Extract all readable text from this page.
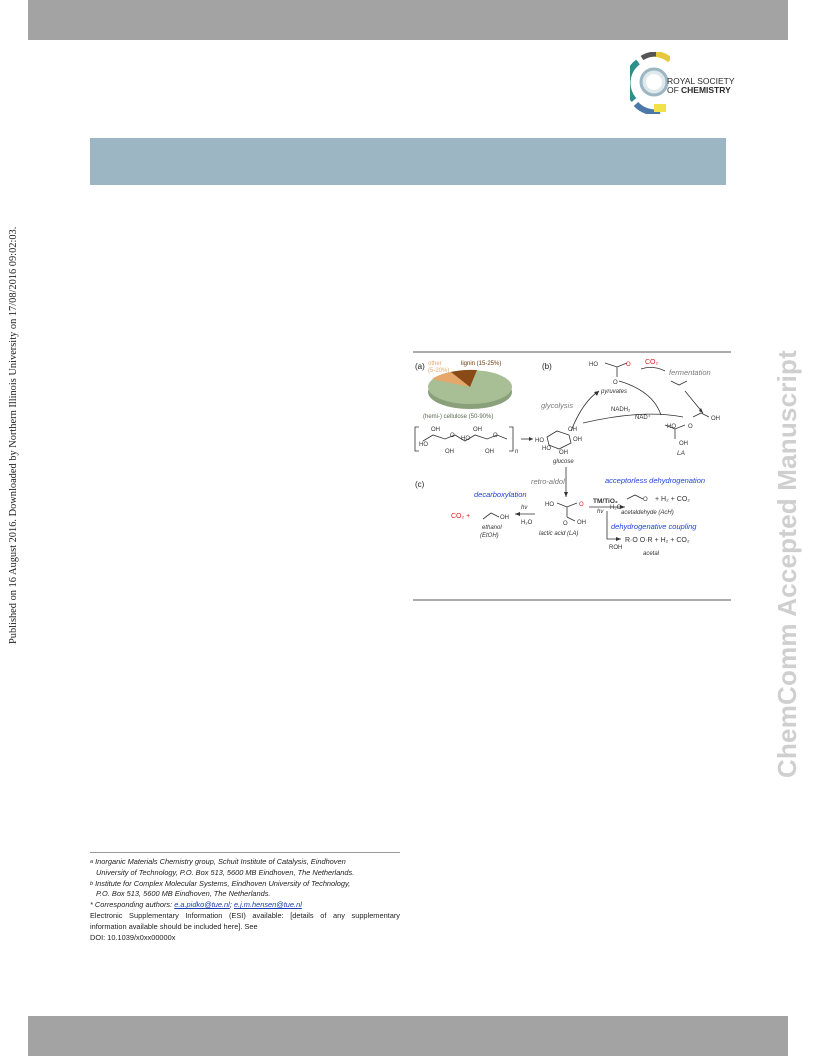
ROYAL SOCIETY
OF CHEMISTRY
Published on 16 August 2016. Downloaded by Northern Illinois University on 17/08/2016 09:02:03.	ChemComm Accepted Manuscript
(a) other
(5-20%)
lignin (15-25%)
(hemi-) cellulose (50-90%)
n
OH	OH
HO
HO
OH	OH
O	O
OH
HO
HO
OH
OH
glucose
(b)	HO	O
O
pyruvates
CO₂
fermentation
OH
glycolysis	NADH₂
NAD⁺
HO O
OH
LA
(c)	retro-aldol	acceptorless dehydrogenation
decarboxylation
HO	O
O OH
lactic acid (LA)
TM/TiO₂
hν
H₂O
O + H₂ + CO₂
acetaldehyde (AcH)
hν
H₂O
CO₂ +	OH
ethanol
(EtOH)
dehydrogenative coupling
ROH
R·O O·R + H₂ + CO₂
acetal
$^a$ Inorganic Materials Chemistry group, Schuit Institute of Catalysis, Eindhoven
University of Technology, P.O. Box 513, 5600 MB Eindhoven, The Netherlands.
$^b$ Institute for Complex Molecular Systems, Eindhoven University of Technology,
P.O. Box 513, 5600 MB Eindhoven, The Netherlands.
* Corresponding authors: e.a.pidko@tue.nl; e.j.m.hensen@tue.nl
Electronic Supplementary Information (ESI) available: [details of any supplementary information available should be included here]. See
DOI: 10.1039/x0xx00000x
